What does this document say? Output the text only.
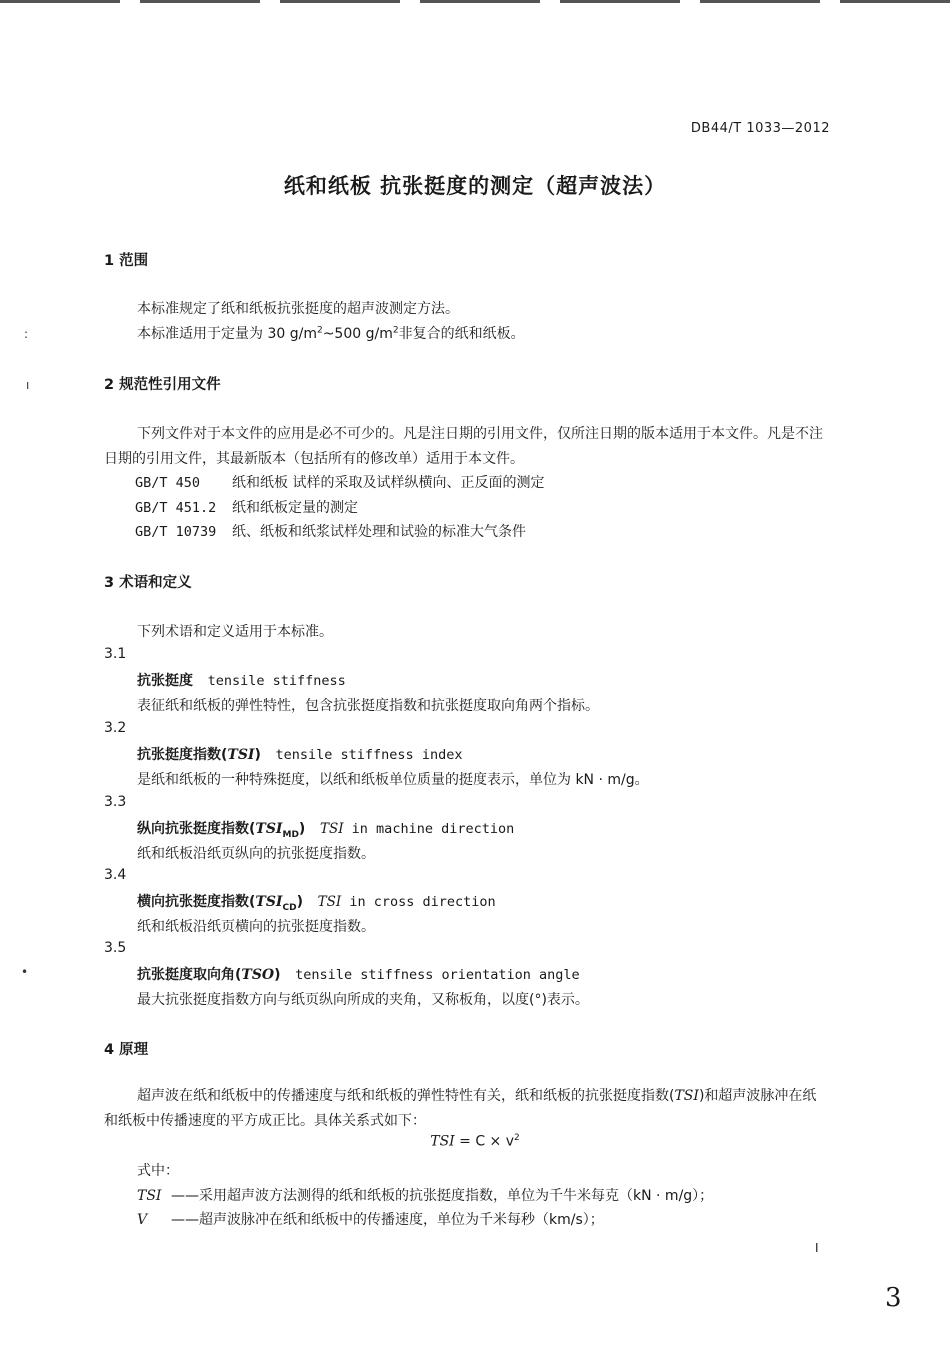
DB44/T 1033—2012
纸和纸板 抗张挺度的测定（超声波法）
1 范围
本标准规定了纸和纸板抗张挺度的超声波测定方法。
本标准适用于定量为 30 $g/m^2\sim 500$ $g/m^2$非复合的纸和纸板。
:
ı	2 规范性引用文件
下列文件对于本文件的应用是必不可少的。凡是注日期的引用文件，仅所注日期的版本适用于本文件。凡是不注日期的引用文件，其最新版本（包括所有的修改单）适用于本文件。
GB/T 450 纸和纸板 试样的采取及试样纵横向、正反面的测定
GB/T 451.2 纸和纸板定量的测定
GB/T 10739 纸、纸板和纸浆试样处理和试验的标准大气条件
3 术语和定义
下列术语和定义适用于本标准。
3.1
抗张挺度 tensile stiffness
表征纸和纸板的弹性特性，包含抗张挺度指数和抗张挺度取向角两个指标。
3.2
抗张挺度指数(TSI) tensile stiffness index
是纸和纸板的一种特殊挺度，以纸和纸板单位质量的挺度表示，单位为 kN · m/g。
3.3
纵向抗张挺度指数$(TSI_{MD})$ TSI in machine direction
纸和纸板沿纸页纵向的抗张挺度指数。
3.4
横向抗张挺度指数$(TSI_{CD})$ TSI in cross direction
纸和纸板沿纸页横向的抗张挺度指数。
3.5
抗张挺度取向角(TSO) tensile stiffness orientation angle
最大抗张挺度指数方向与纸页纵向所成的夹角，又称板角，以度(°)表示。
•
4 原理
超声波在纸和纸板中的传播速度与纸和纸板的弹性特性有关，纸和纸板的抗张挺度指数(TSI)和超声波脉冲在纸和纸板中传播速度的平方成正比。具体关系式如下：
TSI = $C \times v^2$
式中：
TSI ——采用超声波方法测得的纸和纸板的抗张挺度指数，单位为千牛米每克（kN · m/g）；
V ——超声波脉冲在纸和纸板中的传播速度，单位为千米每秒（km/s）；
I
3
